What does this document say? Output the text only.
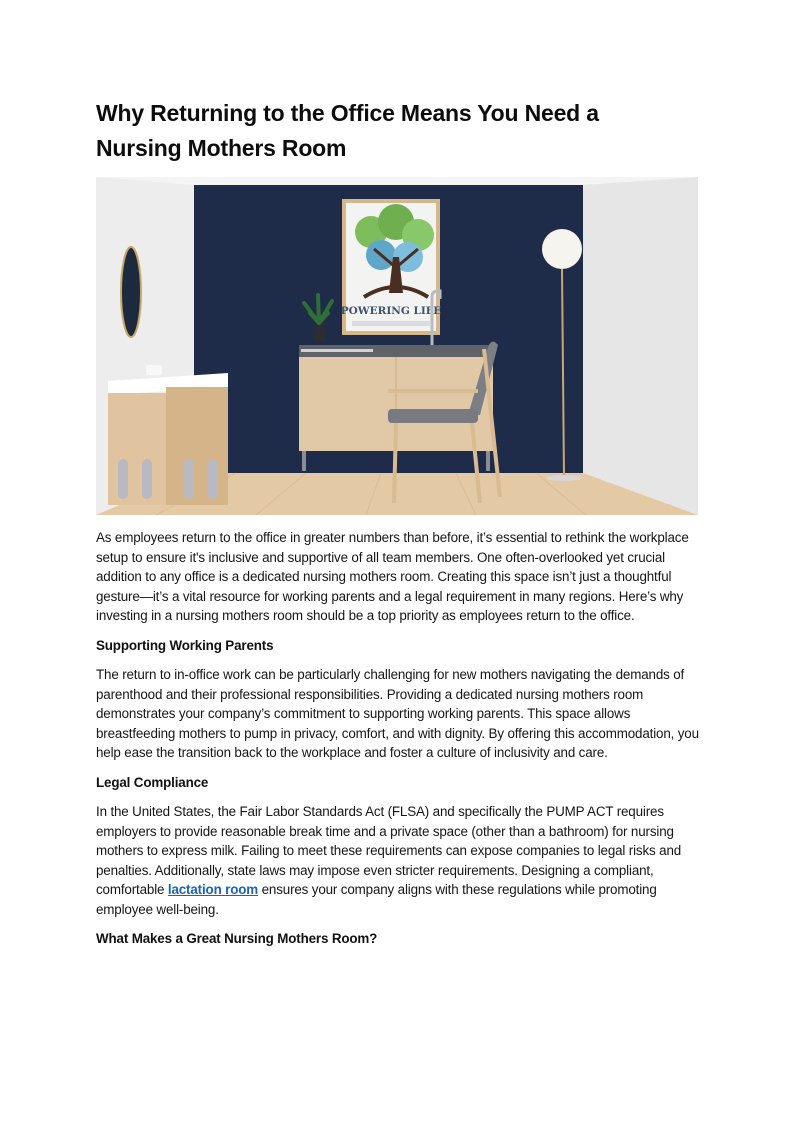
Why Returning to the Office Means You Need a
Nursing Mothers Room
POWERING LIFE

As employees return to the office in greater numbers than before, it’s essential to rethink the workplace setup to ensure it's inclusive and supportive of all team members. One often-overlooked yet crucial addition to any office is a dedicated nursing mothers room. Creating this space isn’t just a thoughtful gesture—it’s a vital resource for working parents and a legal requirement in many regions. Here’s why investing in a nursing mothers room should be a top priority as employees return to the office.

Supporting Working Parents

The return to in-office work can be particularly challenging for new mothers navigating the demands of parenthood and their professional responsibilities. Providing a dedicated nursing mothers room demonstrates your company’s commitment to supporting working parents. This space allows breastfeeding mothers to pump in privacy, comfort, and with dignity. By offering this accommodation, you help ease the transition back to the workplace and foster a culture of inclusivity and care.

Legal Compliance

In the United States, the Fair Labor Standards Act (FLSA) and specifically the PUMP ACT requires employers to provide reasonable break time and a private space (other than a bathroom) for nursing mothers to express milk. Failing to meet these requirements can expose companies to legal risks and penalties. Additionally, state laws may impose even stricter requirements. Designing a compliant, comfortable lactation room ensures your company aligns with these regulations while promoting employee well-being.

What Makes a Great Nursing Mothers Room?
